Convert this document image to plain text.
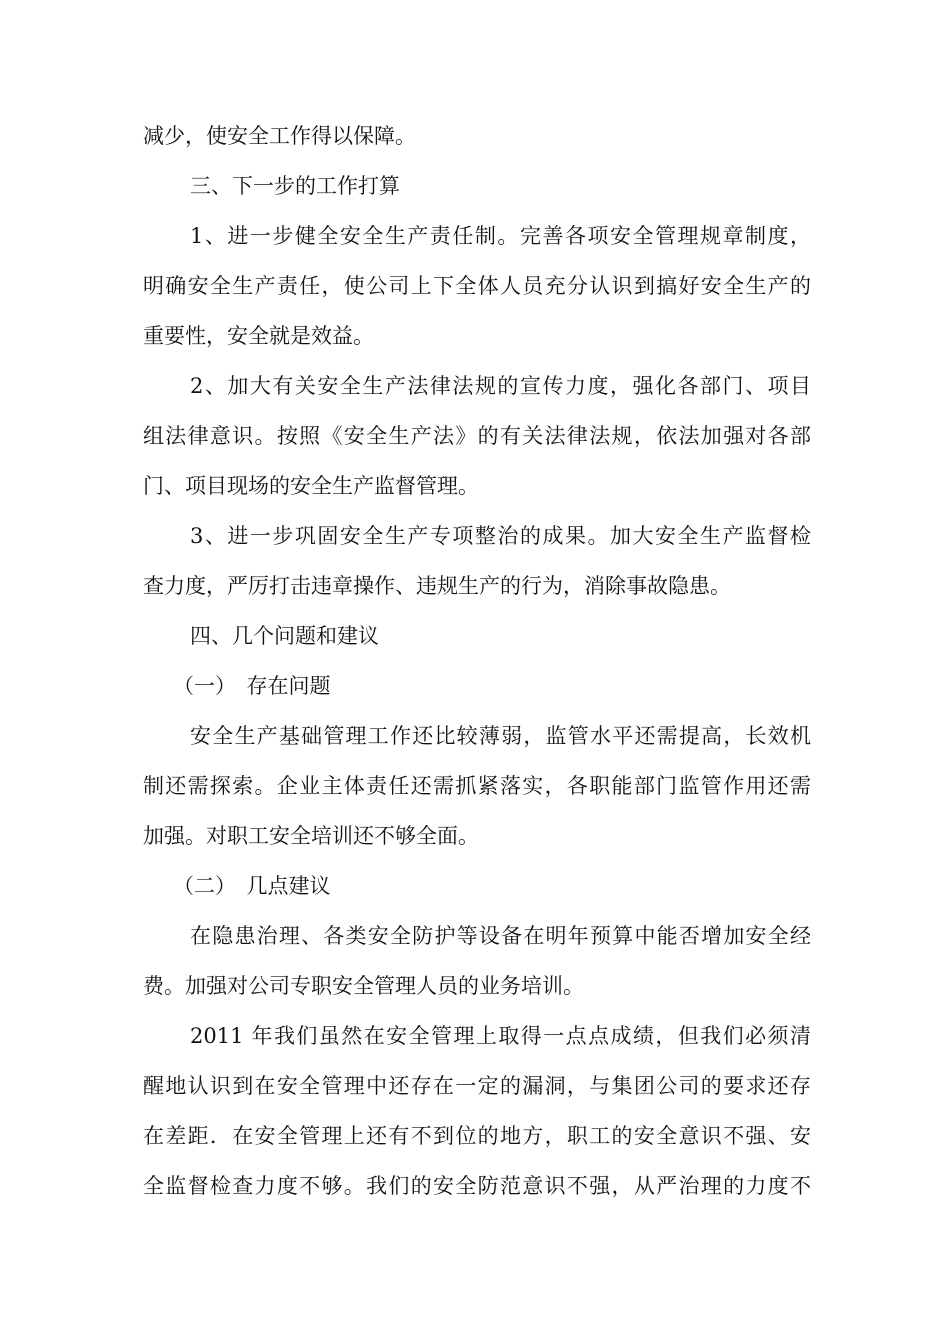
减少，使安全工作得以保障。
三、下一步的工作打算
1、进一步健全安全生产责任制。完善各项安全管理规章制度，
明确安全生产责任，使公司上下全体人员充分认识到搞好安全生产的
重要性，安全就是效益。
2、加大有关安全生产法律法规的宣传力度，强化各部门、项目
组法律意识。按照《安全生产法》的有关法律法规，依法加强对各部
门、项目现场的安全生产监督管理。
3、进一步巩固安全生产专项整治的成果。加大安全生产监督检
查力度，严厉打击违章操作、违规生产的行为，消除事故隐患。
四、几个问题和建议
（一）　存在问题
安全生产基础管理工作还比较薄弱，监管水平还需提高，长效机
制还需探索。企业主体责任还需抓紧落实，各职能部门监管作用还需
加强。对职工安全培训还不够全面。
（二）　几点建议
在隐患治理、各类安全防护等设备在明年预算中能否增加安全经
费。加强对公司专职安全管理人员的业务培训。
2011 年我们虽然在安全管理上取得一点点成绩，但我们必须清
醒地认识到在安全管理中还存在一定的漏洞，与集团公司的要求还存
在差距．在安全管理上还有不到位的地方，职工的安全意识不强、安
全监督检查力度不够。我们的安全防范意识不强，从严治理的力度不
